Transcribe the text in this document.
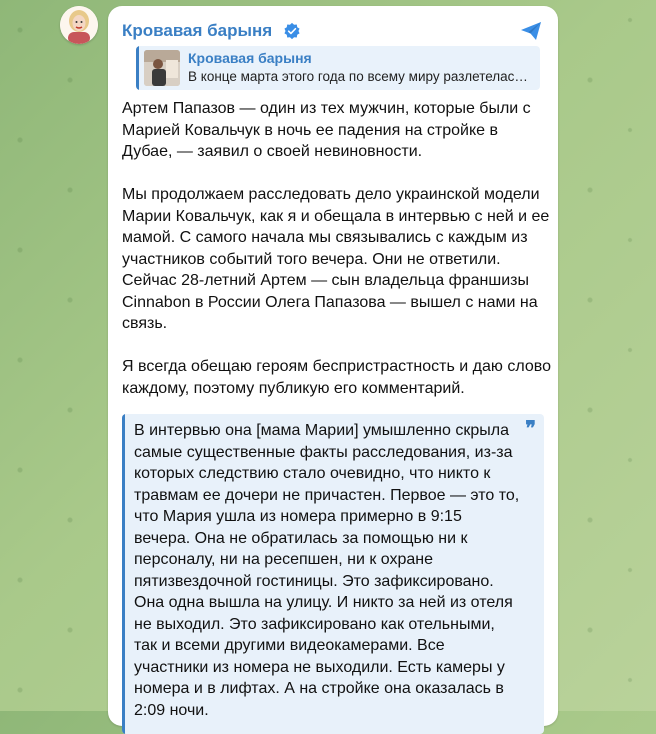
Кровавая барыня
Кровавая барыня
В конце марта этого года по всему миру разлетелас…

Артем Папазов — один из тех мужчин, которые были с Марией Ковальчук в ночь ее падения на стройке в Дубае, — заявил о своей невиновности.

Мы продолжаем расследовать дело украинской модели Марии Ковальчук, как я и обещала в интервью с ней и ее мамой. С самого начала мы связывались с каждым из участников событий того вечера. Они не ответили. Сейчас 28-летний Артем — сын владельца франшизы Cinnabon в России Олега Папазова — вышел с нами на связь.

Я всегда обещаю героям беспристрастность и даю слово каждому, поэтому публикую его комментарий.

❞
В интервью она [мама Марии] умышленно скрыла самые существенные факты расследования, из-за которых следствию стало очевидно, что никто к травмам ее дочери не причастен. Первое — это то, что Мария ушла из номера примерно в 9:15 вечера. Она не обратилась за помощью ни к персоналу, ни на ресепшен, ни к охране пятизвездочной гостиницы. Это зафиксировано. Она одна вышла на улицу. И никто за ней из отеля не выходил. Это зафиксировано как отельными, так и всеми другими видеокамерами. Все участники из номера не выходили. Есть камеры у номера и в лифтах. А на стройке она оказалась в 2:09 ночи.
